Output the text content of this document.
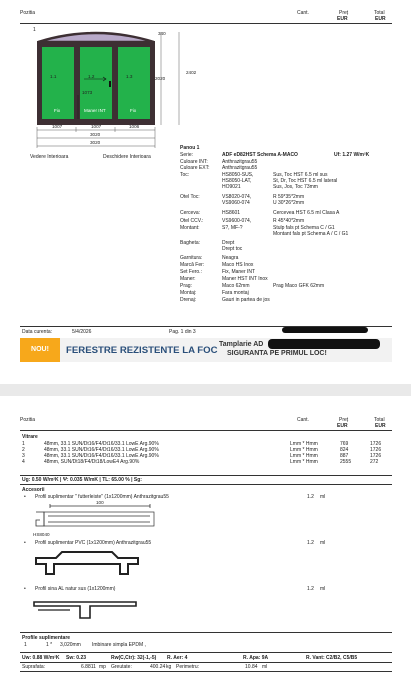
Pozitia	Cant.	Preț
EUR
Total
EUR
1	2.1
340
2020
2402
1.1	1.2	1.3
1073
Fix	Maner INT	Fix
1007	1007	1006
3020
3020
Vedere Interioara	Deschidere Interioara
Panou 1
Serie:	ADF eD82HST Schema A-MACO
Culoare INT:	Anthrazitgrau55
Culoare EXT:	Anthrazitgrau55
Toc:	HS8050-SUS,	Sus, Toc HST 6.5 ml sus
HS8050-LAT,	St, Dr, Toc HST 6.5 ml lateral
HO9021	Sus, Jos, Toc 73mm
Otel Toc:	VS8020-074,	R 59*35*2mm
VS9060-074	U 30*26*2mm
Cerceva:	HS8601	Cercevea HST 6.5 ml Clasa A
Otel CCV.:	VS9600-074,	R 45*40*2mm
Montant:	S?, MF-?	Stulp fals pt Schema C / G1
Montant fals pt Schema A / C / G1
Bagheta:	Drept
Drept toc
Garnitura:	Neagra
Marcă Fer:	Maco HS Inox
Set Fero.:	Fix, Maner INT
Maner:	Maner HST INT Inox
Prag:	Maco 62mm	Prag Maco GFK 62mm
Montaj:	Fara montaj
Drenaj:	Gauri in partea de jos
Uf: 1.27 W/m²K
Data curenta:	5/4/2026	Pag. 1 din 3
NOU!	FERESTRE REZISTENTE LA FOC
Tamplarie AD
SIGURANTA PE PRIMUL LOC!
Pozitia	Cant.	Preț
EUR
Total
EUR
Vitrare
1	48mm, 33.1 SUN/Dt16/F4/Dt16/33.1 LowE Arg.90%	Lmm * Hmm	769	1726
2	48mm, 33.1 SUN/Dt16/F4/Dt16/33.1 LowE Arg.90%	Lmm * Hmm	824	1726
3	48mm, 33.1 SUN/Dt16/F4/Dt16/33.1 LowE Arg.90%	Lmm * Hmm	887	1726
4	48mm, SUN/Dt18/F4/Dt18/LowE4 Arg.90%	Lmm * Hmm	2555	272
Ug: 0.50 W/m²K | Ψ: 0.035 W/mK | TL: 65.00 % | Sg:
Accesorii
• Profil suplimentar " futterleiste" (1x1200mm) Anthrazitgrau55	1.2 ml
100
HS8040
• Profil suplimentar PVC (1x1200mm) Anthrazitgrau55	1.2 ml
• Profil sina AL natur sus (1x1200mm)	1.2 ml
Profile suplimentare
1	1 * 3,020mm Imbinare simpla EPDM ,
Uw: 0.88 W/m²K Sw: 0.23	Rw(C,Ctr): 32(-1,-5) R. Aer: 4	R. Apa: 9A	R. Vant: C2/B2, C5/B5
Suprafata:	6.8811 mp Greutate:	400.24 kg Perimetru:	10.84 ml
